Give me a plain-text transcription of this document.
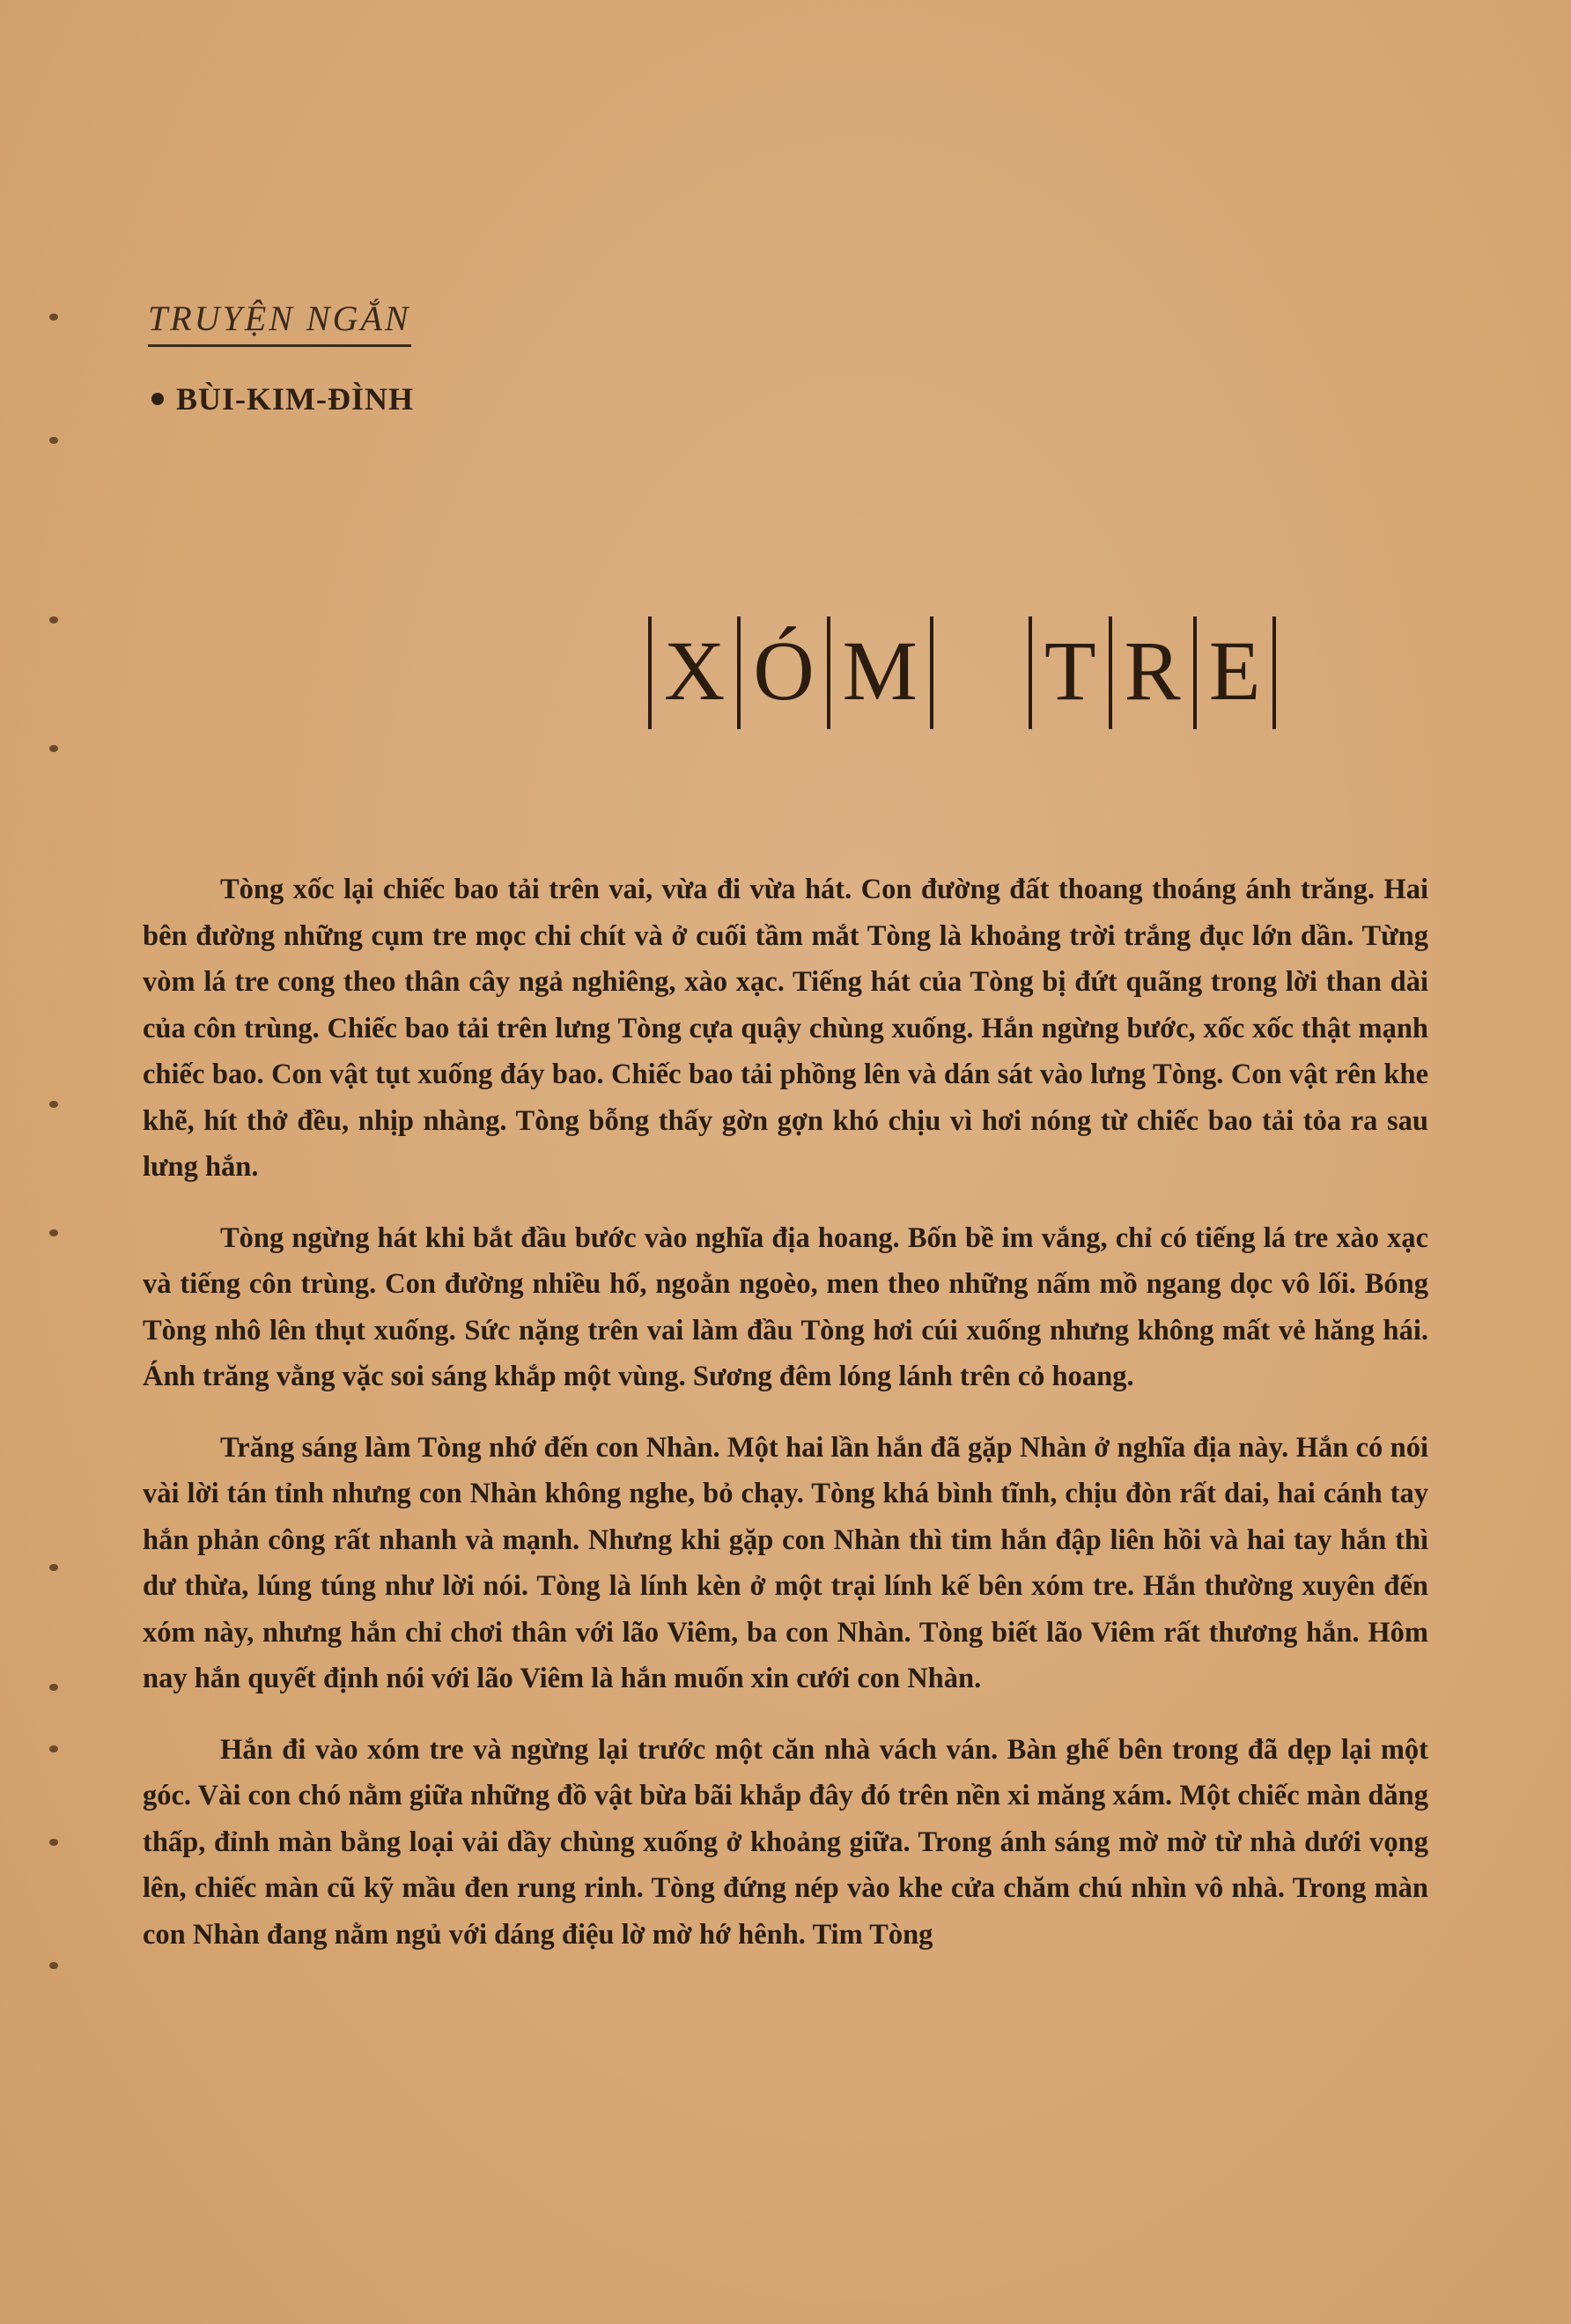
TRUYỆN NGẮN
BÙI-KIM-ĐÌNH
X Ó M T R E

Tòng xốc lại chiếc bao tải trên vai, vừa đi vừa hát. Con đường đất thoang thoáng ánh trăng. Hai bên đường những cụm tre mọc chi chít và ở cuối tầm mắt Tòng là khoảng trời trắng đục lớn dần. Từng vòm lá tre cong theo thân cây ngả nghiêng, xào xạc. Tiếng hát của Tòng bị đứt quãng trong lời than dài của côn trùng. Chiếc bao tải trên lưng Tòng cựa quậy chùng xuống. Hắn ngừng bước, xốc xốc thật mạnh chiếc bao. Con vật tụt xuống đáy bao. Chiếc bao tải phồng lên và dán sát vào lưng Tòng. Con vật rên khe khẽ, hít thở đều, nhịp nhàng. Tòng bỗng thấy gờn gợn khó chịu vì hơi nóng từ chiếc bao tải tỏa ra sau lưng hắn.

Tòng ngừng hát khi bắt đầu bước vào nghĩa địa hoang. Bốn bề im vắng, chỉ có tiếng lá tre xào xạc và tiếng côn trùng. Con đường nhiều hố, ngoằn ngoèo, men theo những nấm mồ ngang dọc vô lối. Bóng Tòng nhô lên thụt xuống. Sức nặng trên vai làm đầu Tòng hơi cúi xuống nhưng không mất vẻ hăng hái. Ánh trăng vằng vặc soi sáng khắp một vùng. Sương đêm lóng lánh trên cỏ hoang.

Trăng sáng làm Tòng nhớ đến con Nhàn. Một hai lần hắn đã gặp Nhàn ở nghĩa địa này. Hắn có nói vài lời tán tỉnh nhưng con Nhàn không nghe, bỏ chạy. Tòng khá bình tĩnh, chịu đòn rất dai, hai cánh tay hắn phản công rất nhanh và mạnh. Nhưng khi gặp con Nhàn thì tim hắn đập liên hồi và hai tay hắn thì dư thừa, lúng túng như lời nói. Tòng là lính kèn ở một trại lính kế bên xóm tre. Hắn thường xuyên đến xóm này, nhưng hắn chỉ chơi thân với lão Viêm, ba con Nhàn. Tòng biết lão Viêm rất thương hắn. Hôm nay hắn quyết định nói với lão Viêm là hắn muốn xin cưới con Nhàn.

Hắn đi vào xóm tre và ngừng lại trước một căn nhà vách ván. Bàn ghế bên trong đã dẹp lại một góc. Vài con chó nằm giữa những đồ vật bừa bãi khắp đây đó trên nền xi măng xám. Một chiếc màn dăng thấp, đỉnh màn bằng loại vải dầy chùng xuống ở khoảng giữa. Trong ánh sáng mờ mờ từ nhà dưới vọng lên, chiếc màn cũ kỹ mầu đen rung rinh. Tòng đứng nép vào khe cửa chăm chú nhìn vô nhà. Trong màn con Nhàn đang nằm ngủ với dáng điệu lờ mờ hớ hênh. Tim Tòng
